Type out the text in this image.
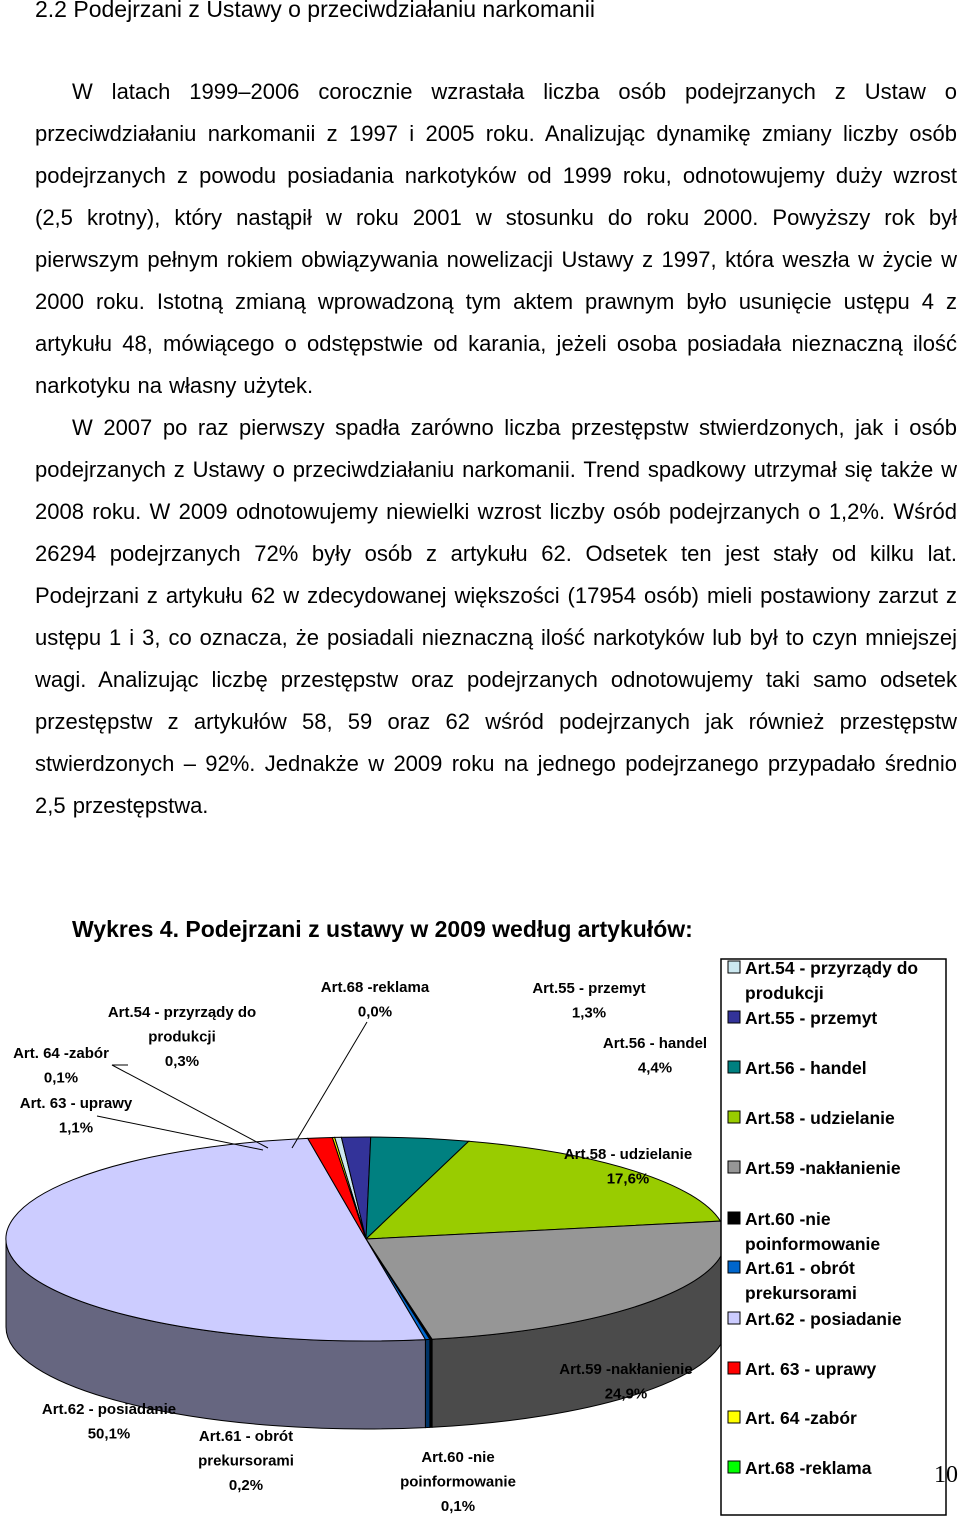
2.2 Podejrzani z Ustawy o przeciwdziałaniu narkomanii

W latach 1999–2006 corocznie wzrastała liczba osób podejrzanych z Ustaw o przeciwdziałaniu narkomanii z 1997 i 2005 roku. Analizując dynamikę zmiany liczby osób podejrzanych z powodu posiadania narkotyków od 1999 roku, odnotowujemy duży wzrost (2,5 krotny), który nastąpił w roku 2001 w stosunku do roku 2000. Powyższy rok był pierwszym pełnym rokiem obwiązywania nowelizacji Ustawy z 1997, która weszła w życie w 2000 roku. Istotną zmianą wprowadzoną tym aktem prawnym było usunięcie ustępu 4 z artykułu 48, mówiącego o odstępstwie od karania, jeżeli osoba posiadała nieznaczną ilość narkotyku na własny użytek.

W 2007 po raz pierwszy spadła zarówno liczba przestępstw stwierdzonych, jak i osób podejrzanych z Ustawy o przeciwdziałaniu narkomanii. Trend spadkowy utrzymał się także w 2008 roku. W 2009 odnotowujemy niewielki wzrost liczby osób podejrzanych o 1,2%. Wśród 26294 podejrzanych 72% były osób z artykułu 62. Odsetek ten jest stały od kilku lat. Podejrzani z artykułu 62 w zdecydowanej większości (17954 osób) mieli postawiony zarzut z ustępu 1 i 3, co oznacza, że posiadali nieznaczną ilość narkotyków lub był to czyn mniejszej wagi. Analizując liczbę przestępstw oraz podejrzanych odnotowujemy taki samo odsetek przestępstw z artykułów 58, 59 oraz 62 wśród podejrzanych jak również przestępstw stwierdzonych – 92%. Jednakże w 2009 roku na jednego podejrzanego przypadało średnio 2,5 przestępstwa.

Wykres 4. Podejrzani z ustawy w 2009 według artykułów:
Art.54 - przyrządy do produkcji 0,3%
Art.55 - przemyt 1,3%
Art.56 - handel 4,4%
Art.58 - udzielanie 17,6%
Art.59 -nakłanienie 24,9%
Art.60 -nie poinformowanie 0,1%
Art.61 - obrót prekursorami 0,2%
Art.62 - posiadanie 50,1%
Art. 63 - uprawy 1,1%
Art. 64 -zabór 0,1%
Art.68 -reklama 0,0%
Art.54 - przyrządy do produkcji
Art.55 - przemyt
Art.56 - handel
Art.58 - udzielanie
Art.59 -nakłanienie
Art.60 -nie poinformowanie
Art.61 - obrót prekursorami
Art.62 - posiadanie
Art. 63 - uprawy
Art. 64 -zabór
Art.68 -reklama	10
